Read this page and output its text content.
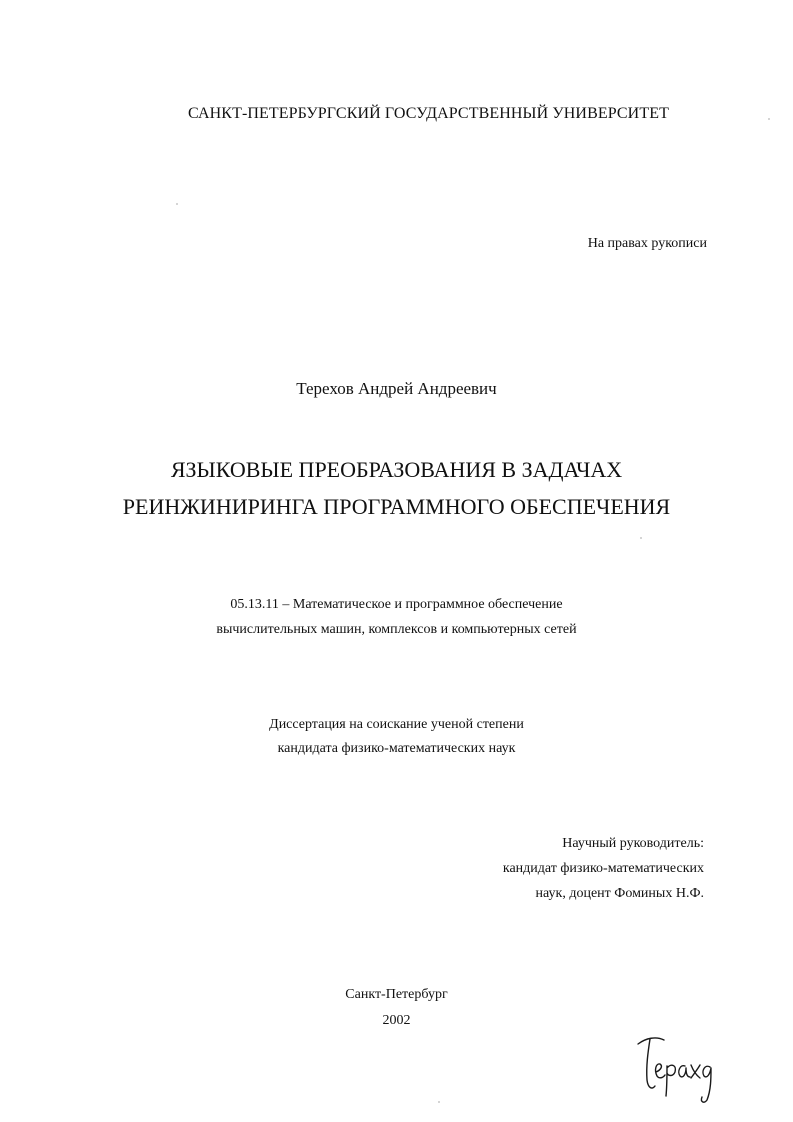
САНКТ-ПЕТЕРБУРГСКИЙ ГОСУДАРСТВЕННЫЙ УНИВЕРСИТЕТ
На правах рукописи
Терехов Андрей Андреевич
ЯЗЫКОВЫЕ ПРЕОБРАЗОВАНИЯ В ЗАДАЧАХ
РЕИНЖИНИРИНГА ПРОГРАММНОГО ОБЕСПЕЧЕНИЯ
05.13.11 – Математическое и программное обеспечение
вычислительных машин, комплексов и компьютерных сетей
Диссертация на соискание ученой степени
кандидата физико-математических наук
Научный руководитель:
кандидат физико-математических
наук, доцент Фоминых Н.Ф.
Санкт-Петербург
2002
